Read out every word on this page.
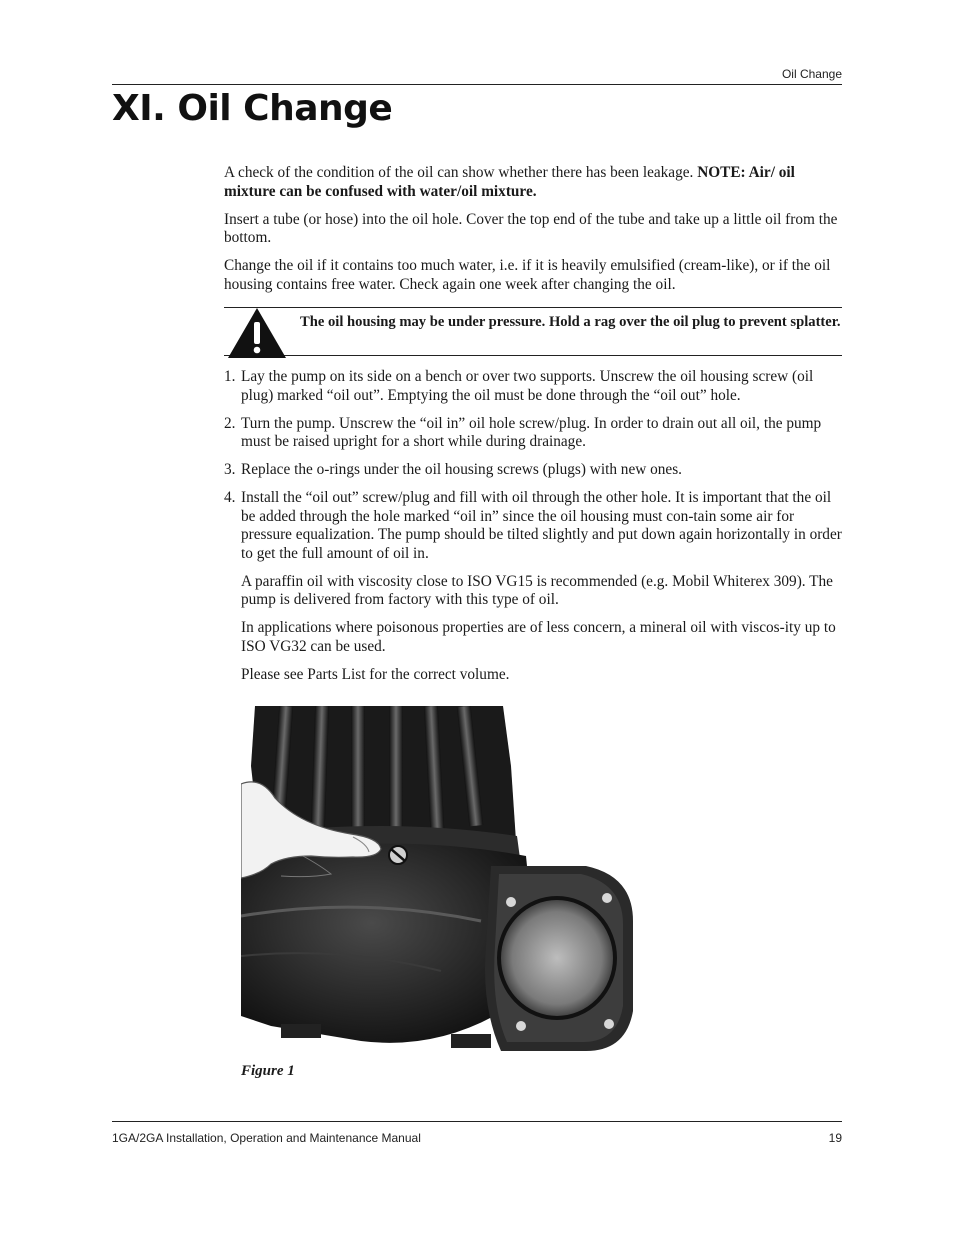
Oil Change
XI. Oil Change

A check of the condition of the oil can show whether there has been leakage. NOTE: Air/ oil mixture can be confused with water/oil mixture.

Insert a tube (or hose) into the oil hole. Cover the top end of the tube and take up a little oil from the bottom.

Change the oil if it contains too much water, i.e. if it is heavily emulsified (cream-like), or if the oil housing contains free water. Check again one week after changing the oil.

The oil housing may be under pressure. Hold a rag over the oil plug to prevent splatter.
1. Lay the pump on its side on a bench or over two supports. Unscrew the oil housing screw (oil plug) marked “oil out”. Emptying the oil must be done through the “oil out” hole.
2. Turn the pump. Unscrew the “oil in” oil hole screw/plug. In order to drain out all oil, the pump must be raised upright for a short while during drainage.
3. Replace the o-rings under the oil housing screws (plugs) with new ones.
4. Install the “oil out” screw/plug and fill with oil through the other hole. It is important that the oil be added through the hole marked “oil in” since the oil housing must con-tain some air for pressure equalization. The pump should be tilted slightly and put down again horizontally in order to get the full amount of oil in.

A paraffin oil with viscosity close to ISO VG15 is recommended (e.g. Mobil Whiterex 309). The pump is delivered from factory with this type of oil.

In applications where poisonous properties are of less concern, a mineral oil with viscos-ity up to ISO VG32 can be used.

Please see Parts List for the correct volume.

Figure 1
1GA/2GA Installation, Operation and Maintenance Manual	19
